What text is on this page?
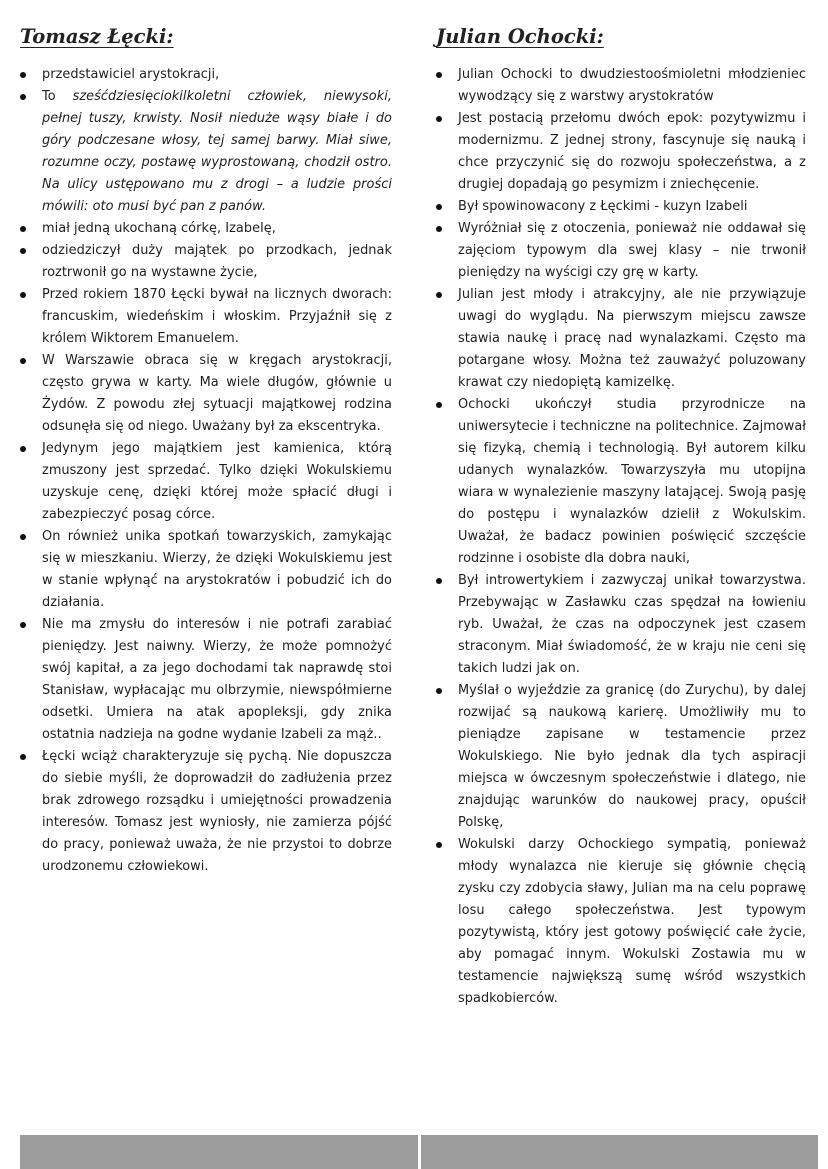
Tomasz Łęcki:
przedstawiciel arystokracji,
To sześćdziesięciokilkoletni człowiek, niewysoki, pełnej tuszy, krwisty. Nosił nieduże wąsy białe i do góry podczesane włosy, tej samej barwy. Miał siwe, rozumne oczy, postawę wyprostowaną, chodził ostro. Na ulicy ustępowano mu z drogi – a ludzie prości mówili: oto musi być pan z panów.
miał jedną ukochaną córkę, Izabelę,
odziedziczył duży majątek po przodkach, jednak roztrwonił go na wystawne życie,
Przed rokiem 1870 Łęcki bywał na licznych dworach: francuskim, wiedeńskim i włoskim. Przyjaźnił się z królem Wiktorem Emanuelem.
W Warszawie obraca się w kręgach arystokracji, często grywa w karty. Ma wiele długów, głównie u Żydów. Z powodu złej sytuacji majątkowej rodzina odsunęła się od niego. Uważany był za ekscentryka.
Jedynym jego majątkiem jest kamienica, którą zmuszony jest sprzedać. Tylko dzięki Wokulskiemu uzyskuje cenę, dzięki której może spłacić długi i zabezpieczyć posag córce.
On również unika spotkań towarzyskich, zamykając się w mieszkaniu. Wierzy, że dzięki Wokulskiemu jest w stanie wpłynąć na arystokratów i pobudzić ich do działania.
Nie ma zmysłu do interesów i nie potrafi zarabiać pieniędzy. Jest naiwny. Wierzy, że może pomnożyć swój kapitał, a za jego dochodami tak naprawdę stoi Stanisław, wypłacając mu olbrzymie, niewspółmierne odsetki. Umiera na atak apopleksji, gdy znika ostatnia nadzieja na godne wydanie Izabeli za mąż..
Łęcki wciąż charakteryzuje się pychą. Nie dopuszcza do siebie myśli, że doprowadził do zadłużenia przez brak zdrowego rozsądku i umiejętności prowadzenia interesów. Tomasz jest wyniosły, nie zamierza pójść do pracy, ponieważ uważa, że nie przystoi to dobrze urodzonemu człowiekowi.
Julian Ochocki:
Julian Ochocki to dwudziestoośmioletni młodzieniec wywodzący się z warstwy arystokratów
Jest postacią przełomu dwóch epok: pozytywizmu i modernizmu. Z jednej strony, fascynuje się nauką i chce przyczynić się do rozwoju społeczeństwa, a z drugiej dopadają go pesymizm i zniechęcenie.
Był spowinowacony z Łęckimi - kuzyn Izabeli
Wyróżniał się z otoczenia, ponieważ nie oddawał się zajęciom typowym dla swej klasy – nie trwonił pieniędzy na wyścigi czy grę w karty.
Julian jest młody i atrakcyjny, ale nie przywiązuje uwagi do wyglądu. Na pierwszym miejscu zawsze stawia naukę i pracę nad wynalazkami. Często ma potargane włosy. Można też zauważyć poluzowany krawat czy niedopiętą kamizelkę.
Ochocki ukończył studia przyrodnicze na uniwersytecie i techniczne na politechnice. Zajmował się fizyką, chemią i technologią. Był autorem kilku udanych wynalazków. Towarzyszyła mu utopijna wiara w wynalezienie maszyny latającej. Swoją pasję do postępu i wynalazków dzielił z Wokulskim. Uważał, że badacz powinien poświęcić szczęście rodzinne i osobiste dla dobra nauki,
Był introwertykiem i zazwyczaj unikał towarzystwa. Przebywając w Zasławku czas spędzał na łowieniu ryb. Uważał, że czas na odpoczynek jest czasem straconym. Miał świadomość, że w kraju nie ceni się takich ludzi jak on.
Myślał o wyjeździe za granicę (do Zurychu), by dalej rozwijać są naukową karierę. Umożliwiły mu to pieniądze zapisane w testamencie przez Wokulskiego. Nie było jednak dla tych aspiracji miejsca w ówczesnym społeczeństwie i dlatego, nie znajdując warunków do naukowej pracy, opuścił Polskę,
Wokulski darzy Ochockiego sympatią, ponieważ młody wynalazca nie kieruje się głównie chęcią zysku czy zdobycia sławy, Julian ma na celu poprawę losu całego społeczeństwa. Jest typowym pozytywistą, który jest gotowy poświęcić całe życie, aby pomagać innym. Wokulski Zostawia mu w testamencie największą sumę wśród wszystkich spadkobierców.
